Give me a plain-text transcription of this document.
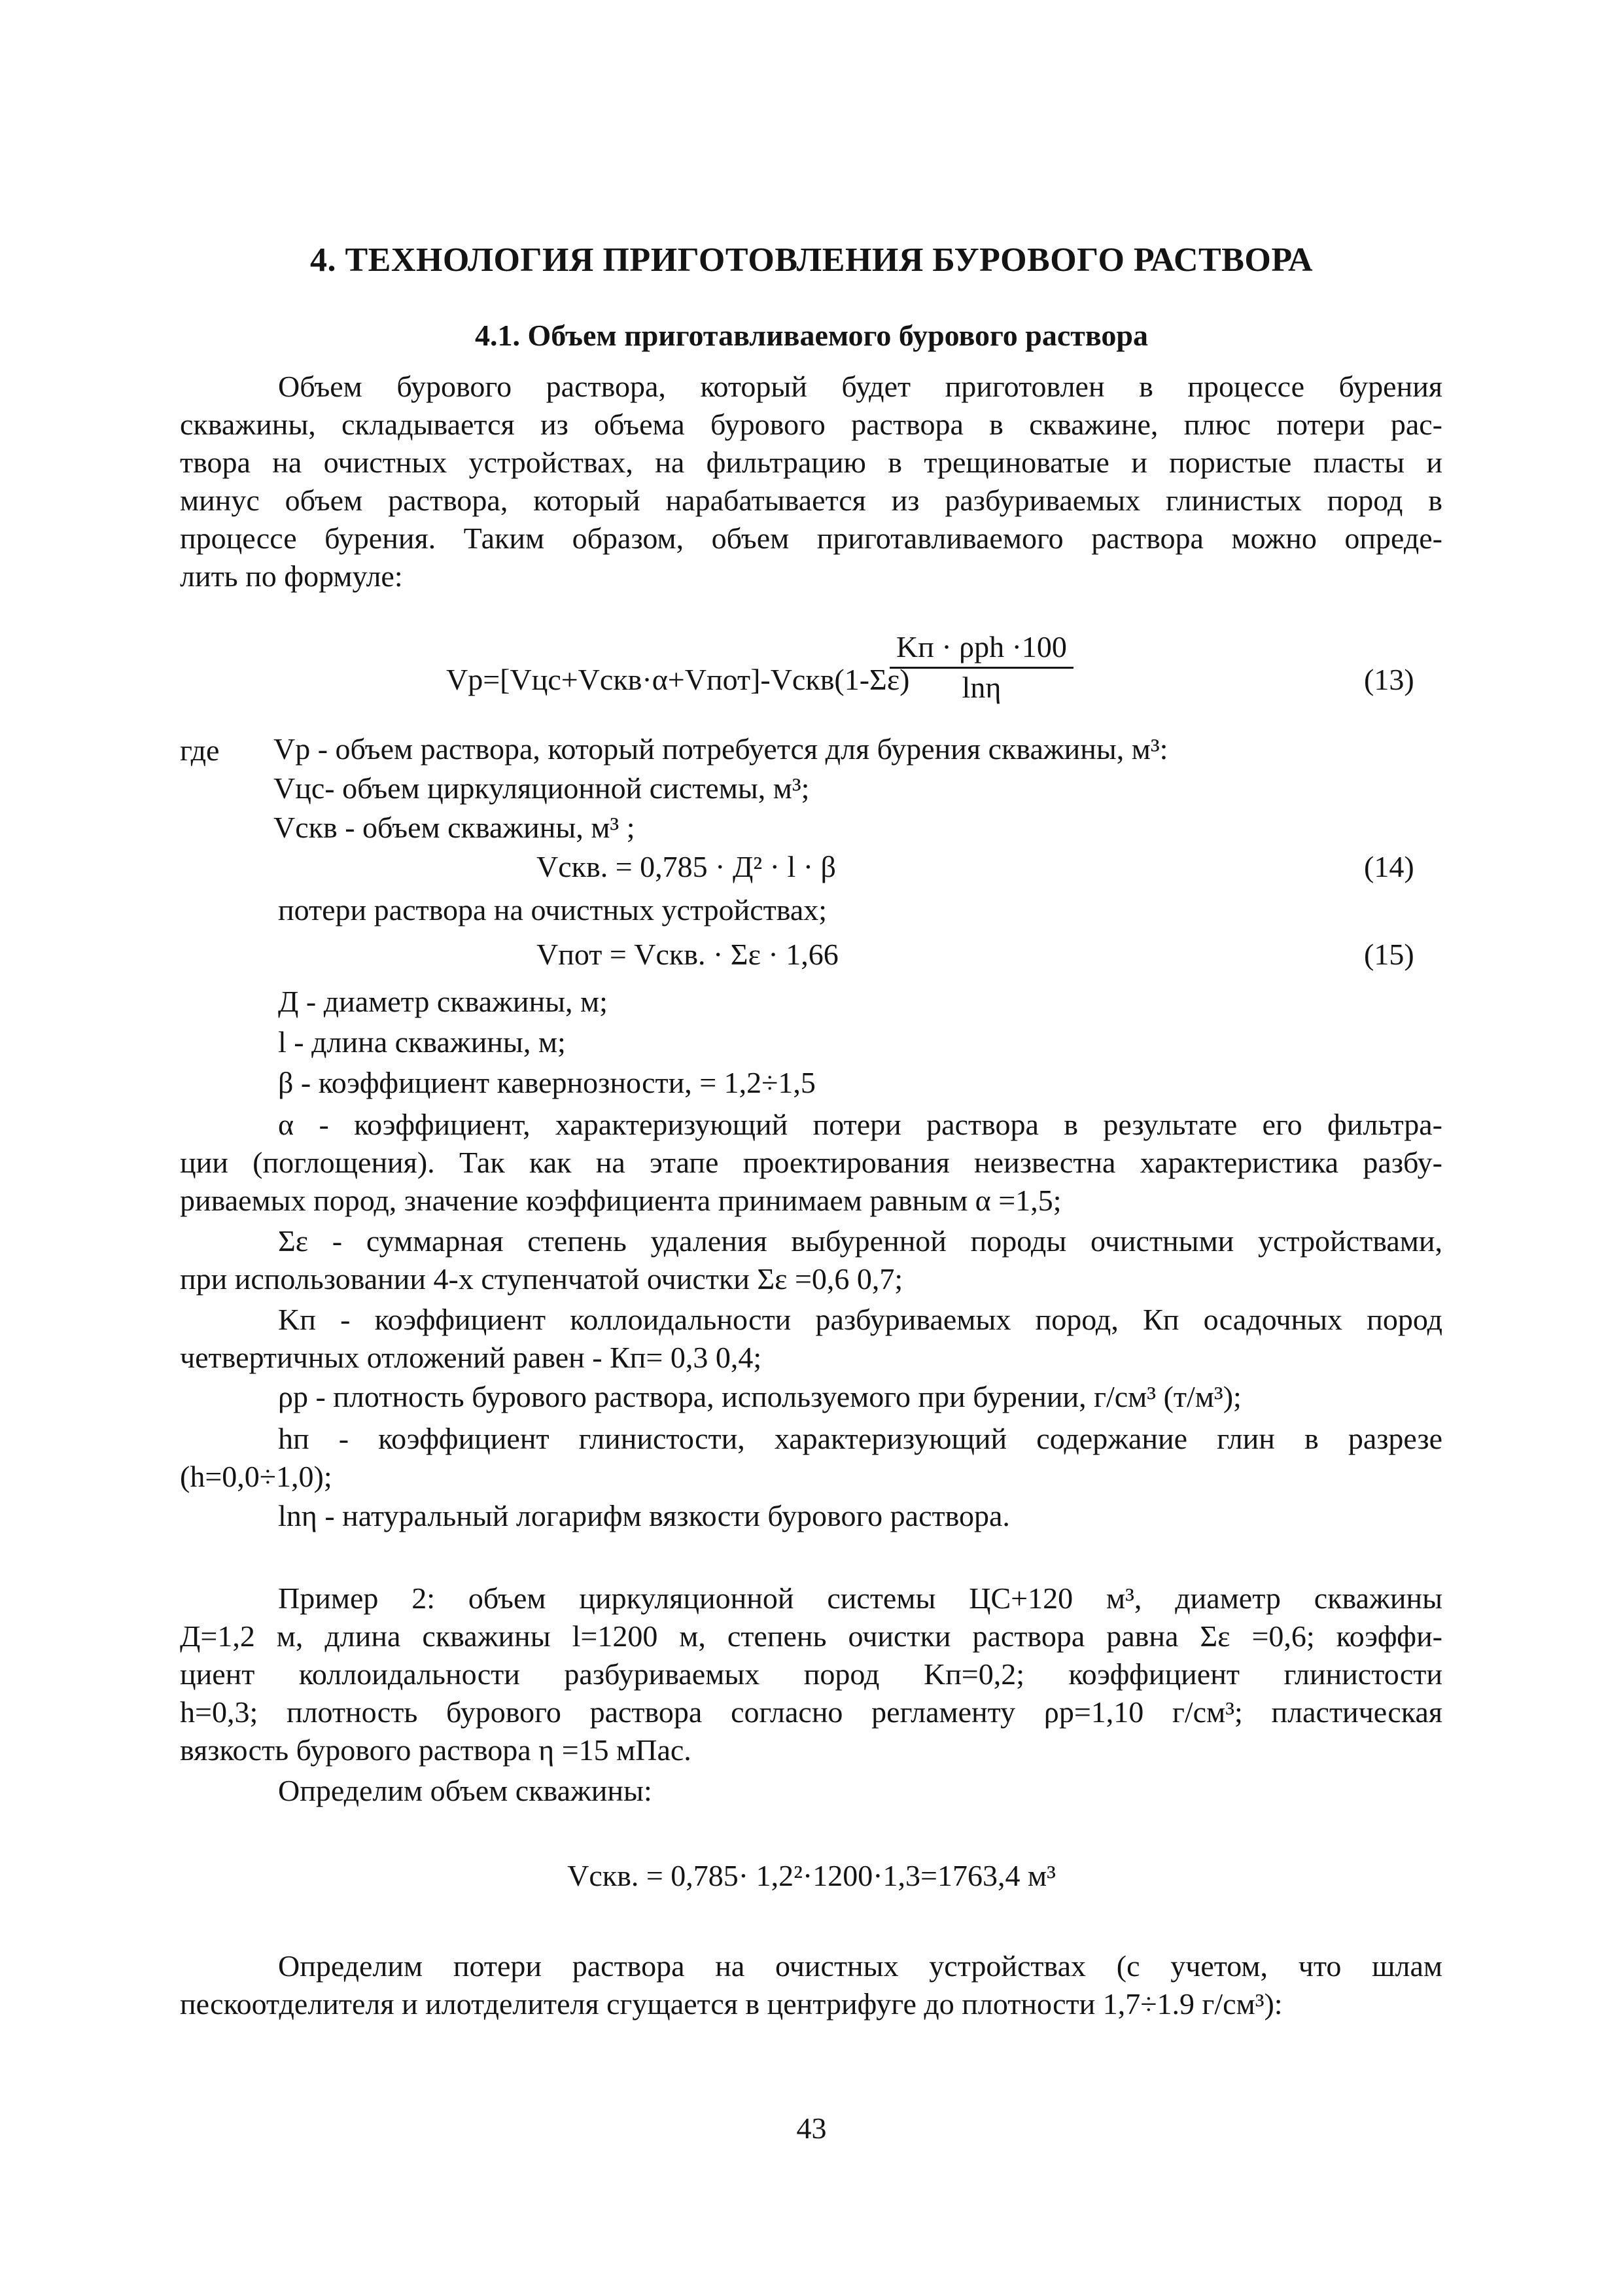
4. ТЕХНОЛОГИЯ ПРИГОТОВЛЕНИЯ БУРОВОГО РАСТВОРА
4.1. Объем приготавливаемого бурового раствора
Объем бурового раствора, который будет приготовлен в процессе бурения
скважины, складывается из объема бурового раствора в скважине, плюс потери рас-
твора на очистных устройствах, на фильтрацию в трещиноватые и пористые пласты и
минус объем раствора, который нарабатывается из разбуриваемых глинистых пород в
процессе бурения. Таким образом, объем приготавливаемого раствора можно опреде-
лить по формуле:
Vp=[Vцс+Vскв·α+Vпот]-Vскв(1-Σε)
Kп · ρрh ·100
lnη	(13)
где Vр - объем раствора, который потребуется для бурения скважины, м³:
Vцс- объем циркуляционной системы, м³;
Vскв - объем скважины, м³ ;
Vскв. = 0,785 · Д² · l · β	(14)
потери раствора на очистных устройствах;
Vпот = Vскв. · Σε · 1,66	(15)
Д - диаметр скважины, м;
l - длина скважины, м;
β - коэффициент кавернозности, = 1,2÷1,5
α - коэффициент, характеризующий потери раствора в результате его фильтра-
ции (поглощения). Так как на этапе проектирования неизвестна характеристика разбу-
риваемых пород, значение коэффициента принимаем равным α =1,5;
Σε - суммарная степень удаления выбуренной породы очистными устройствами,
при использовании 4-х ступенчатой очистки Σε =0,6 0,7;
Kп - коэффициент коллоидальности разбуриваемых пород, Кп осадочных пород
четвертичных отложений равен - Кп= 0,3 0,4;
ρр - плотность бурового раствора, используемого при бурении, г/см³ (т/м³);
hп - коэффициент глинистости, характеризующий содержание глин в разрезе
(h=0,0÷1,0);
lnη - натуральный логарифм вязкости бурового раствора.
Пример 2: объем циркуляционной системы ЦС+120 м³, диаметр скважины
Д=1,2 м, длина скважины l=1200 м, степень очистки раствора равна Σε =0,6; коэффи-
циент коллоидальности разбуриваемых пород Kп=0,2; коэффициент глинистости
h=0,3; плотность бурового раствора согласно регламенту ρр=1,10 г/см³; пластическая
вязкость бурового раствора η =15 мПас.
Определим объем скважины:
Vскв. = 0,785· 1,2²·1200·1,3=1763,4 м³
Определим потери раствора на очистных устройствах (с учетом, что шлам
пескоотделителя и илотделителя сгущается в центрифуге до плотности 1,7÷1.9 г/см³):
43
